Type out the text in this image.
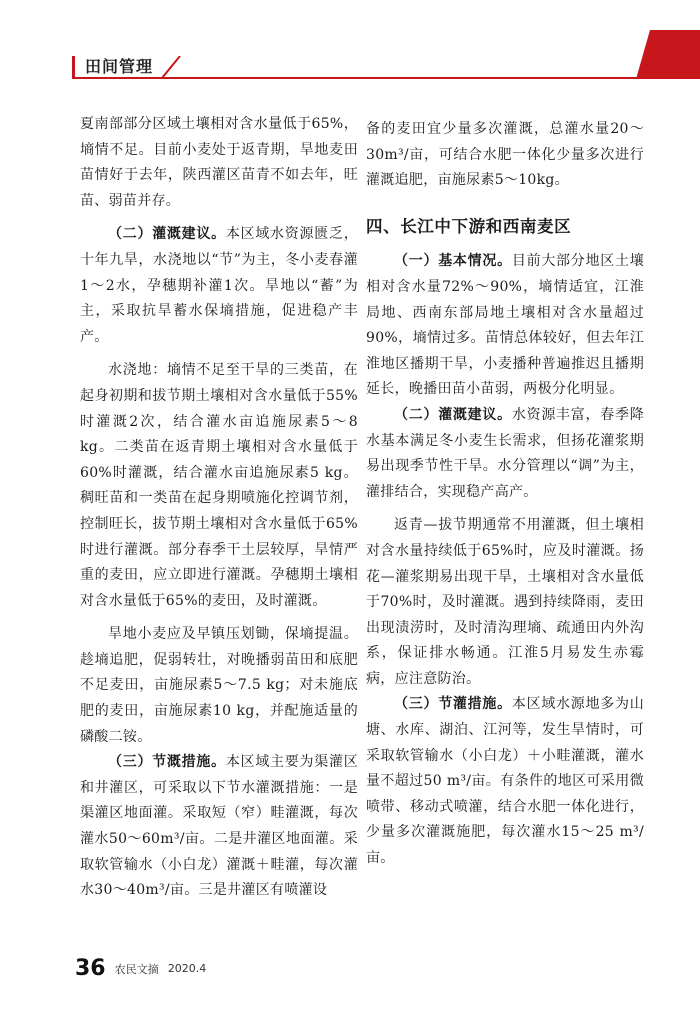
田间管理

夏南部部分区域土壤相对含水量低于65%，墒情不足。目前小麦处于返青期，旱地麦田苗情好于去年，陕西灌区苗青不如去年，旺苗、弱苗并存。

（二）灌溉建议。本区域水资源匮乏，十年九旱，水浇地以“节”为主，冬小麦春灌1～2水，孕穗期补灌1次。旱地以“蓄”为主，采取抗旱蓄水保墒措施，促进稳产丰产。

水浇地：墒情不足至干旱的三类苗，在起身初期和拔节期土壤相对含水量低于55%时灌溉2次，结合灌水亩追施尿素5～8 kg。二类苗在返青期土壤相对含水量低于60%时灌溉，结合灌水亩追施尿素5 kg。稠旺苗和一类苗在起身期喷施化控调节剂，控制旺长，拔节期土壤相对含水量低于65%时进行灌溉。部分春季干土层较厚，旱情严重的麦田，应立即进行灌溉。孕穗期土壤相对含水量低于65%的麦田，及时灌溉。

旱地小麦应及早镇压划锄，保墒提温。趁墒追肥，促弱转壮，对晚播弱苗田和底肥不足麦田，亩施尿素5～7.5 kg；对未施底肥的麦田，亩施尿素10 kg，并配施适量的磷酸二铵。

（三）节溉措施。本区域主要为渠灌区和井灌区，可采取以下节水灌溉措施：一是渠灌区地面灌。采取短（窄）畦灌溉，每次灌水50～60m³/亩。二是井灌区地面灌。采取软管输水（小白龙）灌溉＋畦灌，每次灌水30～40m³/亩。三是井灌区有喷灌设

备的麦田宜少量多次灌溉，总灌水量20～30m³/亩，可结合水肥一体化少量多次进行灌溉追肥，亩施尿素5～10kg。

四、长江中下游和西南麦区

（一）基本情况。目前大部分地区土壤相对含水量72%～90%，墒情适宜，江淮局地、西南东部局地土壤相对含水量超过90%，墒情过多。苗情总体较好，但去年江淮地区播期干旱，小麦播种普遍推迟且播期延长，晚播田苗小苗弱，两极分化明显。

（二）灌溉建议。水资源丰富，春季降水基本满足冬小麦生长需求，但扬花灌浆期易出现季节性干旱。水分管理以“调”为主，灌排结合，实现稳产高产。

返青—拔节期通常不用灌溉，但土壤相对含水量持续低于65%时，应及时灌溉。扬花—灌浆期易出现干旱，土壤相对含水量低于70%时，及时灌溉。遇到持续降雨，麦田出现渍涝时，及时清沟理墒、疏通田内外沟系，保证排水畅通。江淮5月易发生赤霉病，应注意防治。

（三）节灌措施。本区域水源地多为山塘、水库、湖泊、江河等，发生旱情时，可采取软管输水（小白龙）＋小畦灌溉，灌水量不超过50 m³/亩。有条件的地区可采用微喷带、移动式喷灌，结合水肥一体化进行，少量多次灌溉施肥，每次灌水15～25 m³/亩。

36 农民文摘 2020.4
